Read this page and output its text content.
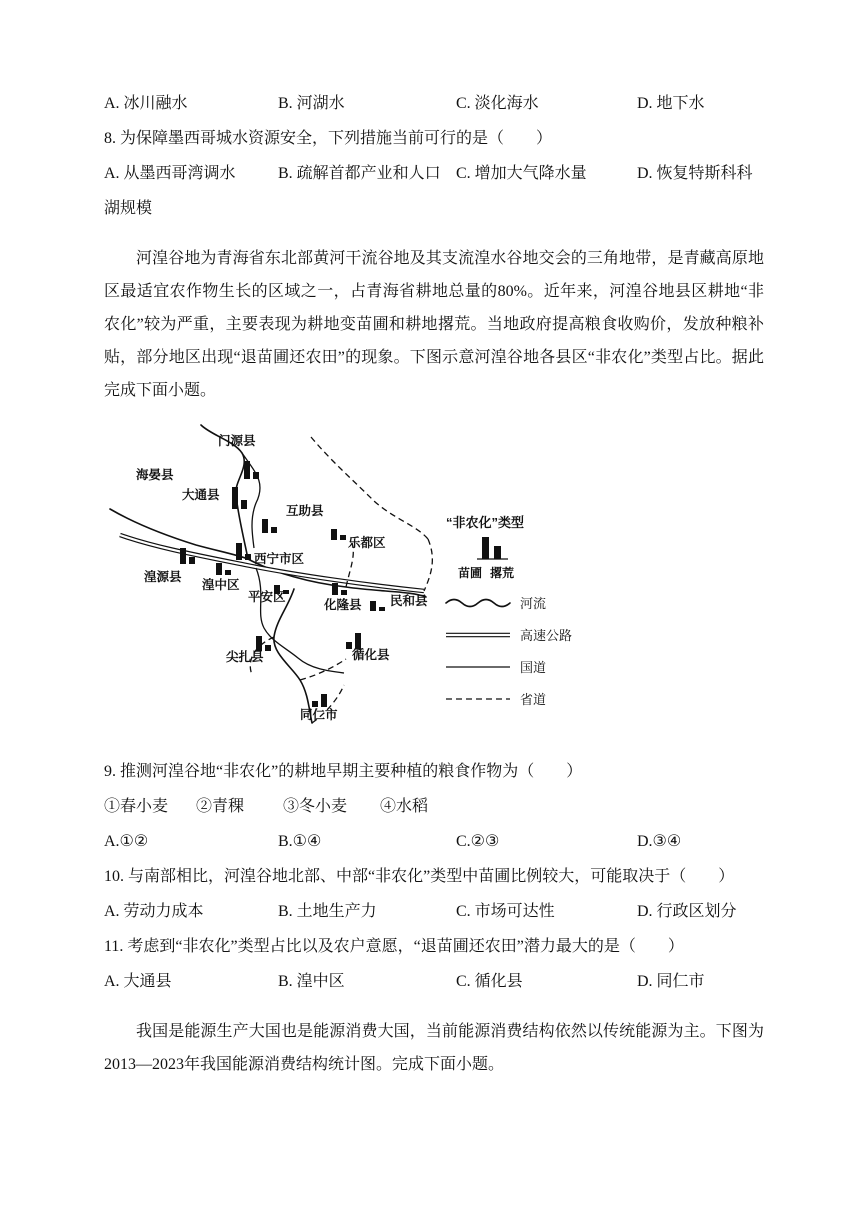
A. 冰川融水	B. 河湖水	C. 淡化海水	D. 地下水
8. 为保障墨西哥城水资源安全，下列措施当前可行的是（　　）
A. 从墨西哥湾调水	B. 疏解首都产业和人口 C. 增加大气降水量	D. 恢复特斯科科
湖规模

河湟谷地为青海省东北部黄河干流谷地及其支流湟水谷地交会的三角地带，是青藏高原地区最适宜农作物生长的区域之一，占青海省耕地总量的80%。近年来，河湟谷地县区耕地“非农化”较为严重，主要表现为耕地变苗圃和耕地撂荒。当地政府提高粮食收购价，发放种粮补贴，部分地区出现“退苗圃还农田”的现象。下图示意河湟谷地各县区“非农化”类型占比。据此完成下面小题。

门源县
海晏县
大通县
互助县
乐都区
西宁市区
湟源县
湟中区
平安区
化隆县 民和县
尖扎县	循化县
同仁市
“非农化”类型
苗圃 撂荒
河流
高速公路
国道
省道
9. 推测河湟谷地“非农化”的耕地早期主要种植的粮食作物为（　　）
①春小麦	②青稞	③冬小麦	④水稻
A.①②	B.①④	C.②③	D.③④
10. 与南部相比，河湟谷地北部、中部“非农化”类型中苗圃比例较大，可能取决于（　　）
A. 劳动力成本	B. 土地生产力	C. 市场可达性	D. 行政区划分
11. 考虑到“非农化”类型占比以及农户意愿，“退苗圃还农田”潜力最大的是（　　）
A. 大通县	B. 湟中区	C. 循化县	D. 同仁市

我国是能源生产大国也是能源消费大国，当前能源消费结构依然以传统能源为主。下图为2013—2023年我国能源消费结构统计图。完成下面小题。
